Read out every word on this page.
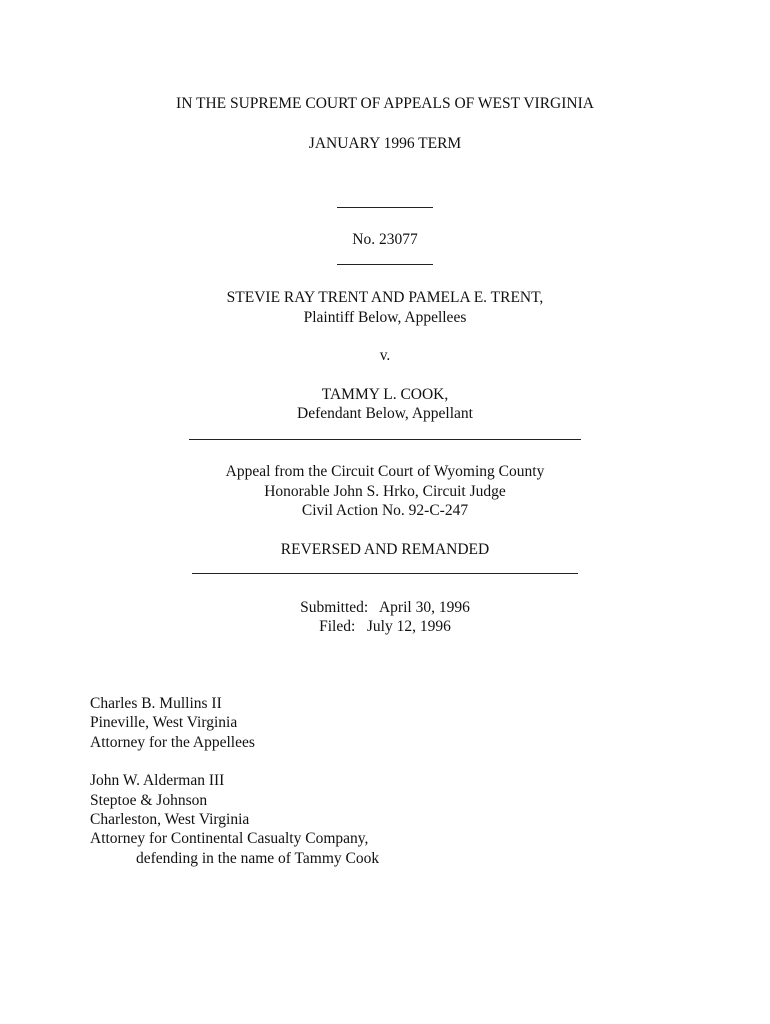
IN THE SUPREME COURT OF APPEALS OF WEST VIRGINIA
JANUARY 1996 TERM
No. 23077
STEVIE RAY TRENT AND PAMELA E. TRENT,
Plaintiff Below, Appellees
v.
TAMMY L. COOK,
Defendant Below, Appellant
Appeal from the Circuit Court of Wyoming County
Honorable John S. Hrko, Circuit Judge
Civil Action No. 92-C-247
REVERSED AND REMANDED
Submitted:   April 30, 1996
Filed:   July 12, 1996
Charles B. Mullins II
Pineville, West Virginia
Attorney for the Appellees
John W. Alderman III
Steptoe & Johnson
Charleston, West Virginia
Attorney for Continental Casualty Company,
defending in the name of Tammy Cook
